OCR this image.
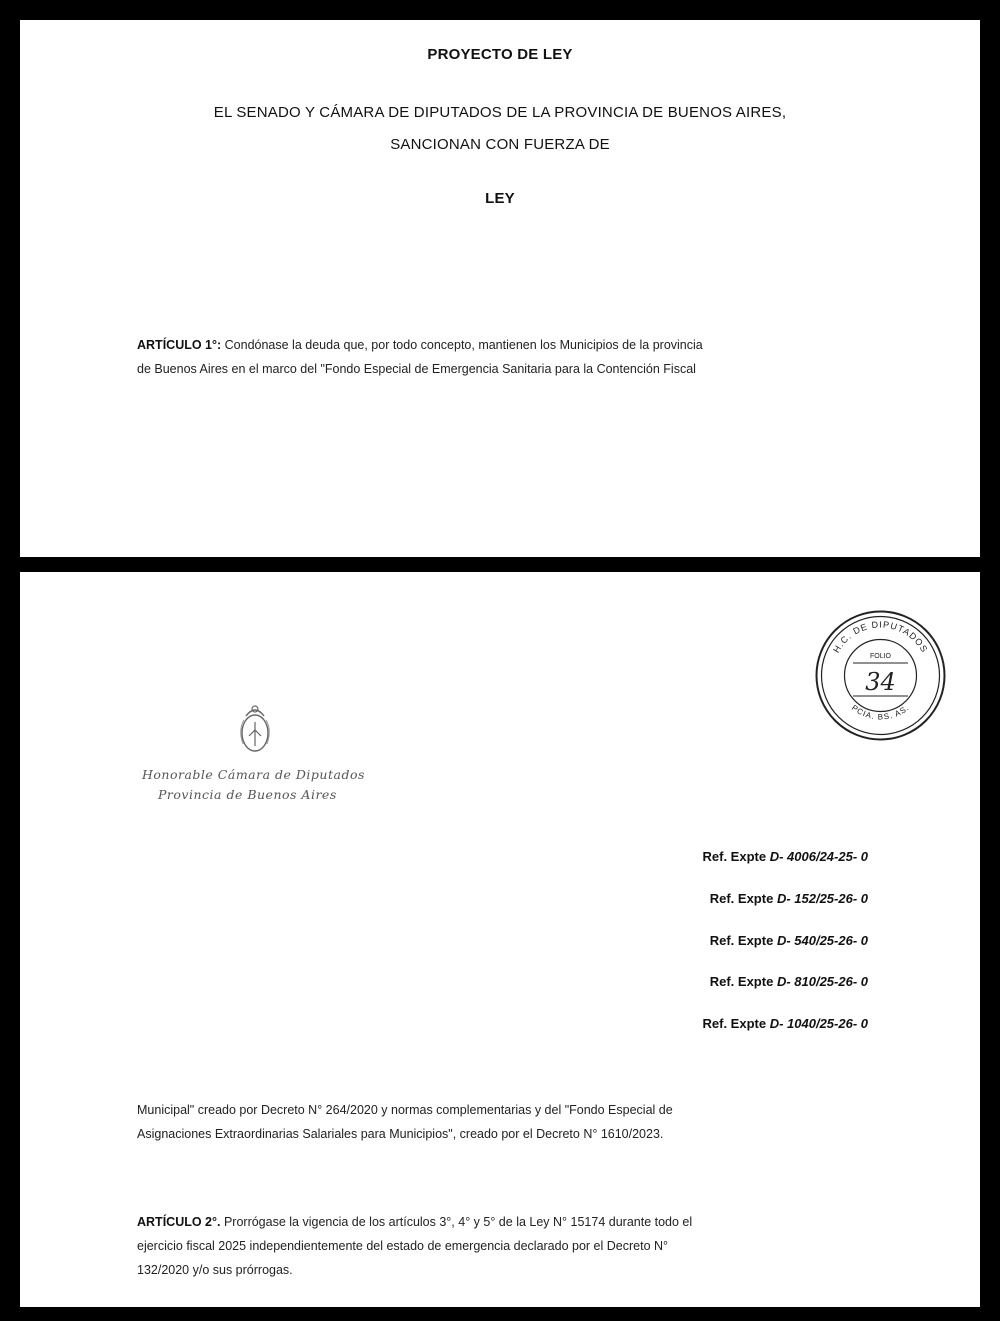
PROYECTO DE LEY
EL SENADO Y CÁMARA DE DIPUTADOS DE LA PROVINCIA DE BUENOS AIRES,
SANCIONAN CON FUERZA DE
LEY
ARTÍCULO 1°: Condónase la deuda que, por todo concepto, mantienen los Municipios de la provincia
de Buenos Aires en el marco del "Fondo Especial de Emergencia Sanitaria para la Contención Fiscal
Honorable Cámara de Diputados
Provincia de Buenos Aires
H.C. DE DIPUTADOS
PCIA. BS. AS.
FOLIO
34
Ref. Expte D- 4006/24-25- 0
Ref. Expte D- 152/25-26- 0
Ref. Expte D- 540/25-26- 0
Ref. Expte D- 810/25-26- 0
Ref. Expte D- 1040/25-26- 0
Municipal" creado por Decreto N° 264/2020 y normas complementarias y del "Fondo Especial de
Asignaciones Extraordinarias Salariales para Municipios", creado por el Decreto N° 1610/2023.
ARTÍCULO 2°. Prorrógase la vigencia de los artículos 3°, 4° y 5° de la Ley N° 15174 durante todo el
ejercicio fiscal 2025 independientemente del estado de emergencia declarado por el Decreto N°
132/2020 y/o sus prórrogas.
